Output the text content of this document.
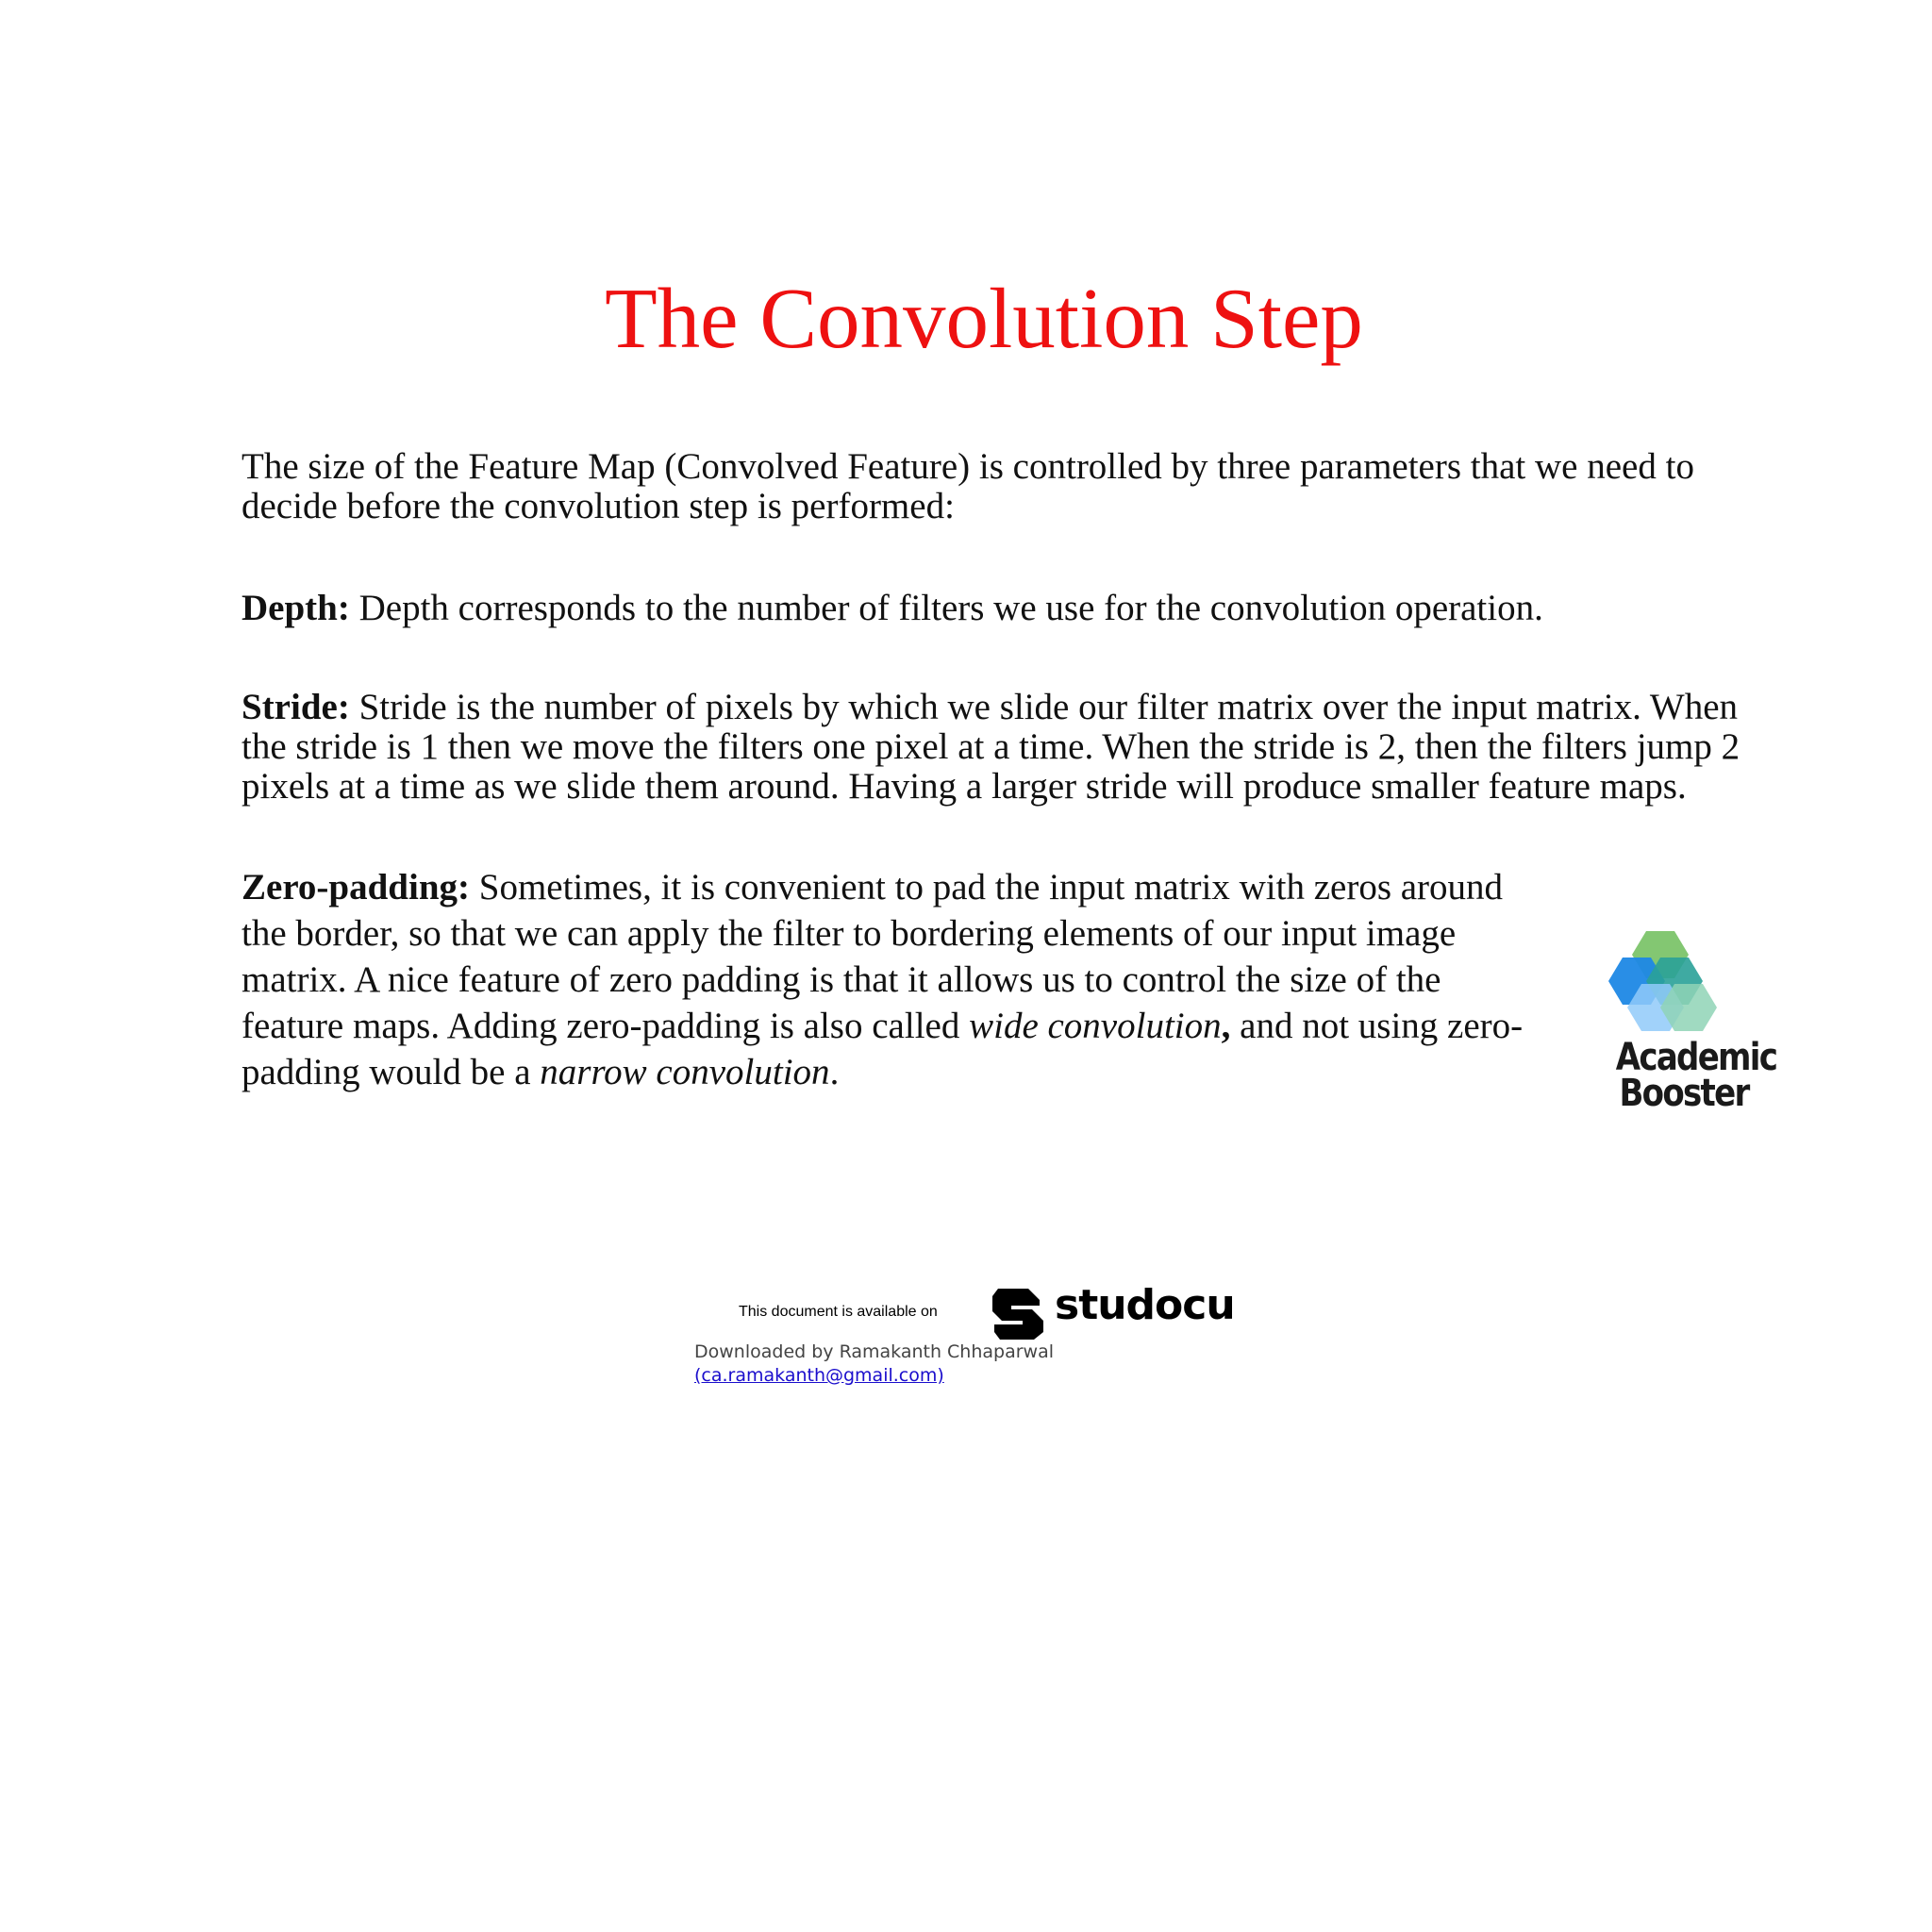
The Convolution Step

The size of the Feature Map (Convolved Feature) is controlled by three parameters that we need to decide before the convolution step is performed:

Depth: Depth corresponds to the number of filters we use for the convolution operation.

Stride: Stride is the number of pixels by which we slide our filter matrix over the input matrix. When the stride is 1 then we move the filters one pixel at a time. When the stride is 2, then the filters jump 2 pixels at a time as we slide them around. Having a larger stride will produce smaller feature maps.

Zero-padding: Sometimes, it is convenient to pad the input matrix with zeros around the border, so that we can apply the filter to bordering elements of our input image matrix. A nice feature of zero padding is that it allows us to control the size of the feature maps. Adding zero-padding is also called wide convolution, and not using zero-padding would be a narrow convolution.	Academic
Booster
This document is available on	studocu
Downloaded by Ramakanth Chhaparwal
(ca.ramakanth@gmail.com)
